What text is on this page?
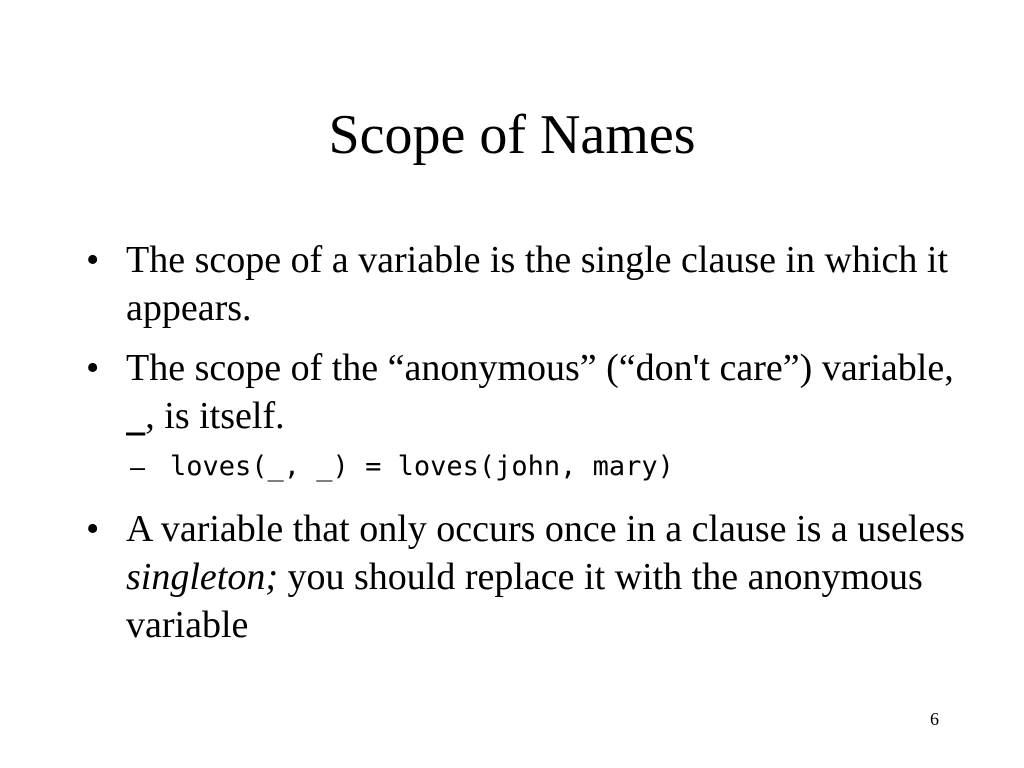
Scope of Names
• The scope of a variable is the single clause in which it appears.
• The scope of the “anonymous” (“don't care”) variable, _, is itself.
– loves(_, _) = loves(john, mary)
• A variable that only occurs once in a clause is a useless singleton; you should replace it with the anonymous variable
6
